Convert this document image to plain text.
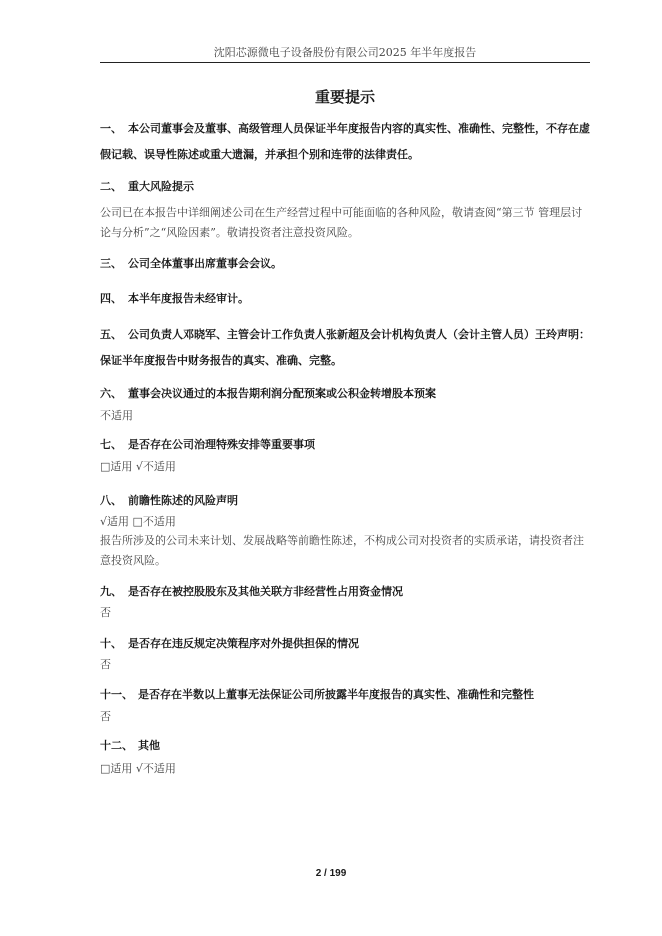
沈阳芯源微电子设备股份有限公司2025 年半年度报告
重要提示
一、 本公司董事会及董事、高级管理人员保证半年度报告内容的真实性、准确性、完整性，不存在虚假记载、误导性陈述或重大遗漏，并承担个别和连带的法律责任。
二、 重大风险提示
公司已在本报告中详细阐述公司在生产经营过程中可能面临的各种风险，敬请查阅“第三节 管理层讨论与分析”之“风险因素”。敬请投资者注意投资风险。
三、 公司全体董事出席董事会会议。
四、 本半年度报告未经审计。
五、 公司负责人邓晓军、主管会计工作负责人张新超及会计机构负责人（会计主管人员）王玲声明：保证半年度报告中财务报告的真实、准确、完整。
六、 董事会决议通过的本报告期利润分配预案或公积金转增股本预案
不适用
七、 是否存在公司治理特殊安排等重要事项
□适用 √不适用
八、 前瞻性陈述的风险声明
√适用 □不适用
报告所涉及的公司未来计划、发展战略等前瞻性陈述，不构成公司对投资者的实质承诺，请投资者注意投资风险。
九、 是否存在被控股股东及其他关联方非经营性占用资金情况
否
十、 是否存在违反规定决策程序对外提供担保的情况
否
十一、 是否存在半数以上董事无法保证公司所披露半年度报告的真实性、准确性和完整性
否
十二、 其他
□适用 √不适用
2 / 199
